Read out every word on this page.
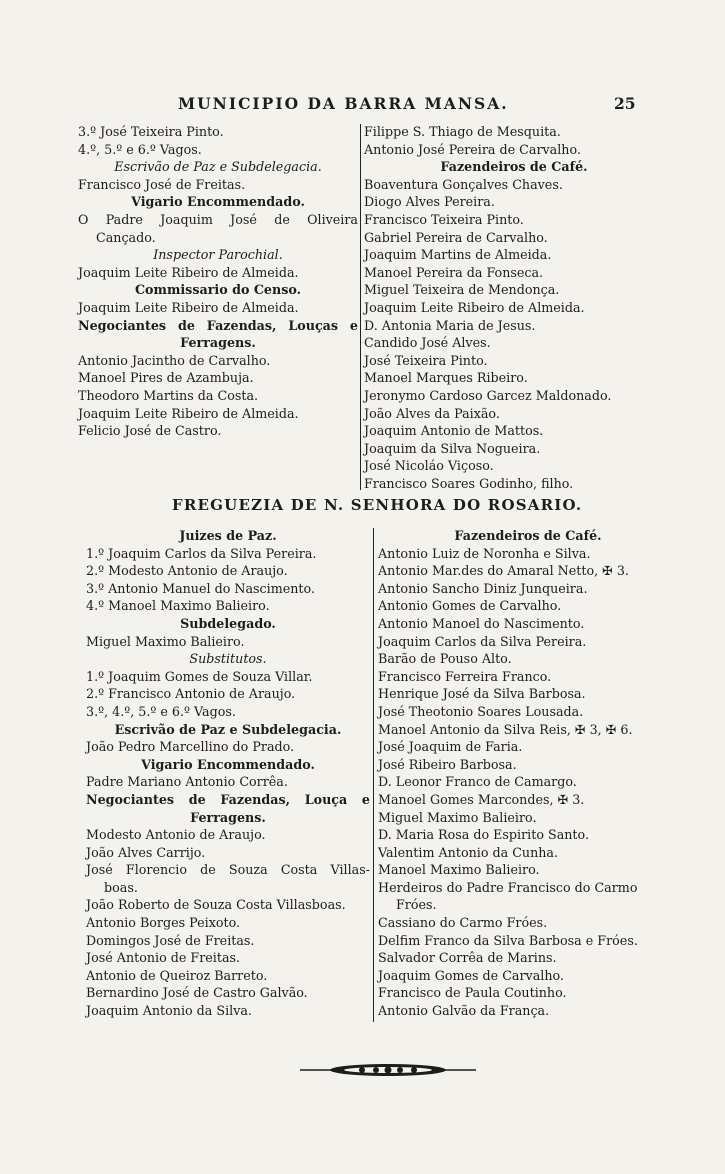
MUNICIPIO DA BARRA MANSA.	25
3.º José Teixeira Pinto.
4.º, 5.º e 6.º Vagos.
Escrivão de Paz e Subdelegacia.
Francisco José de Freitas.
Vigario Encommendado.
O Padre Joaquim José de Oliveira
Cançado.
Inspector Parochial.
Joaquim Leite Ribeiro de Almeida.
Commissario do Censo.
Joaquim Leite Ribeiro de Almeida.
Negociantes de Fazendas, Louças e
Ferragens.
Antonio Jacintho de Carvalho.
Manoel Pires de Azambuja.
Theodoro Martins da Costa.
Joaquim Leite Ribeiro de Almeida.
Felicio José de Castro.
Filippe S. Thiago de Mesquita.
Antonio José Pereira de Carvalho.
Fazendeiros de Café.
Boaventura Gonçalves Chaves.
Diogo Alves Pereira.
Francisco Teixeira Pinto.
Gabriel Pereira de Carvalho.
Joaquim Martins de Almeida.
Manoel Pereira da Fonseca.
Miguel Teixeira de Mendonça.
Joaquim Leite Ribeiro de Almeida.
D. Antonia Maria de Jesus.
Candido José Alves.
José Teixeira Pinto.
Manoel Marques Ribeiro.
Jeronymo Cardoso Garcez Maldonado.
João Alves da Paixão.
Joaquim Antonio de Mattos.
Joaquim da Silva Nogueira.
José Nicoláo Viçoso.
Francisco Soares Godinho, filho.
FREGUEZIA DE N. SENHORA DO ROSARIO.
Juizes de Paz.
1.º Joaquim Carlos da Silva Pereira.
2.º Modesto Antonio de Araujo.
3.º Antonio Manuel do Nascimento.
4.º Manoel Maximo Balieiro.
Subdelegado.
Miguel Maximo Balieiro.
Substitutos.
1.º Joaquim Gomes de Souza Villar.
2.º Francisco Antonio de Araujo.
3.º, 4.º, 5.º e 6.º Vagos.
Escrivão de Paz e Subdelegacia.
João Pedro Marcellino do Prado.
Vigario Encommendado.
Padre Mariano Antonio Corrêa.
Negociantes de Fazendas, Louça e
Ferragens.
Modesto Antonio de Araujo.
João Alves Carrijo.
José Florencio de Souza Costa Villas-
boas.
João Roberto de Souza Costa Villasboas.
Antonio Borges Peixoto.
Domingos José de Freitas.
José Antonio de Freitas.
Antonio de Queiroz Barreto.
Bernardino José de Castro Galvão.
Joaquim Antonio da Silva.
Fazendeiros de Café.
Antonio Luiz de Noronha e Silva.
Antonio Mar.des do Amaral Netto, ✠ 3.
Antonio Sancho Diniz Junqueira.
Antonio Gomes de Carvalho.
Antonio Manoel do Nascimento.
Joaquim Carlos da Silva Pereira.
Barão de Pouso Alto.
Francisco Ferreira Franco.
Henrique José da Silva Barbosa.
José Theotonio Soares Lousada.
Manoel Antonio da Silva Reis, ✠ 3, ✠ 6.
José Joaquim de Faria.
José Ribeiro Barbosa.
D. Leonor Franco de Camargo.
Manoel Gomes Marcondes, ✠ 3.
Miguel Maximo Balieiro.
D. Maria Rosa do Espirito Santo.
Valentim Antonio da Cunha.
Manoel Maximo Balieiro.
Herdeiros do Padre Francisco do Carmo
Fróes.
Cassiano do Carmo Fróes.
Delfim Franco da Silva Barbosa e Fróes.
Salvador Corrêa de Marins.
Joaquim Gomes de Carvalho.
Francisco de Paula Coutinho.
Antonio Galvão da França.
